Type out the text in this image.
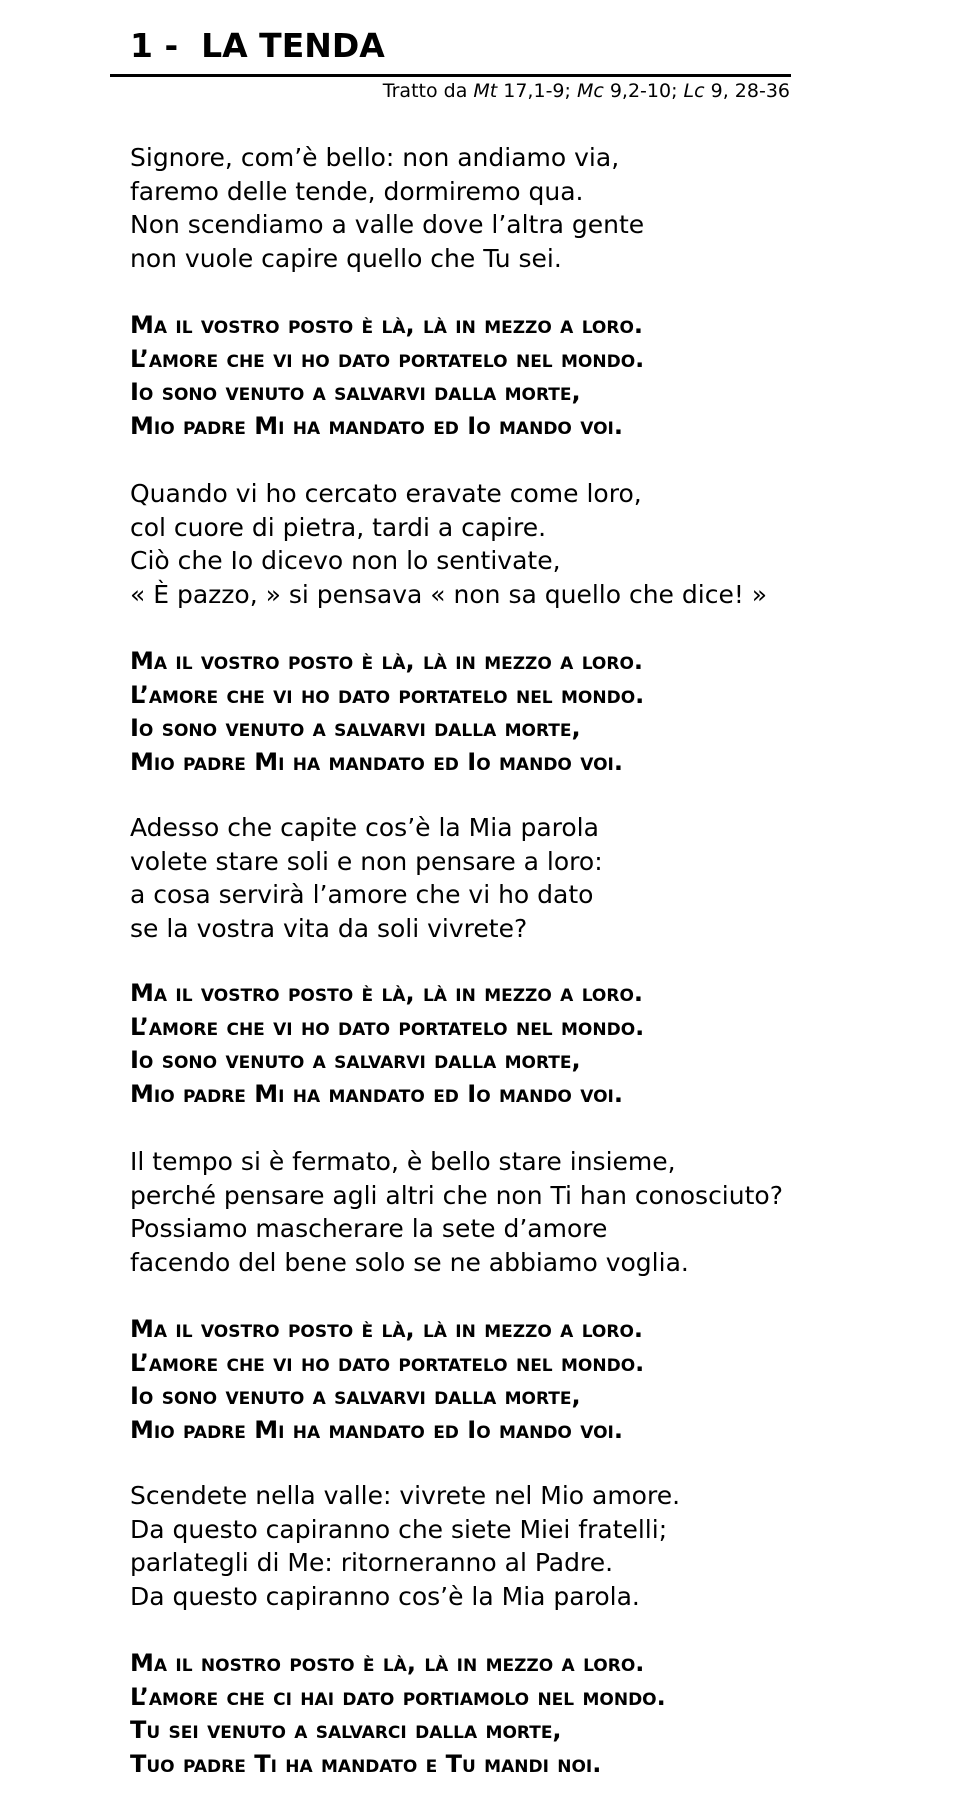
1 -  LA TENDA
Tratto da Mt 17,1-9; Mc 9,2-10; Lc 9, 28-36
Signore, com’è bello: non andiamo via,
faremo delle tende, dormiremo qua.
Non scendiamo a valle dove l’altra gente
non vuole capire quello che Tu sei.
Ma il vostro posto è là, là in mezzo a loro.
L’amore che vi ho dato portatelo nel mondo.
Io sono venuto a salvarvi dalla morte,
Mio padre Mi ha mandato ed Io mando voi.
Quando vi ho cercato eravate come loro,
col cuore di pietra, tardi a capire.
Ciò che Io dicevo non lo sentivate,
« È pazzo, » si pensava « non sa quello che dice! »
Ma il vostro posto è là, là in mezzo a loro.
L’amore che vi ho dato portatelo nel mondo.
Io sono venuto a salvarvi dalla morte,
Mio padre Mi ha mandato ed Io mando voi.
Adesso che capite cos’è la Mia parola
volete stare soli e non pensare a loro:
a cosa servirà l’amore che vi ho dato
se la vostra vita da soli vivrete?
Ma il vostro posto è là, là in mezzo a loro.
L’amore che vi ho dato portatelo nel mondo.
Io sono venuto a salvarvi dalla morte,
Mio padre Mi ha mandato ed Io mando voi.
Il tempo si è fermato, è bello stare insieme,
perché pensare agli altri che non Ti han conosciuto?
Possiamo mascherare la sete d’amore
facendo del bene solo se ne abbiamo voglia.
Ma il vostro posto è là, là in mezzo a loro.
L’amore che vi ho dato portatelo nel mondo.
Io sono venuto a salvarvi dalla morte,
Mio padre Mi ha mandato ed Io mando voi.
Scendete nella valle: vivrete nel Mio amore.
Da questo capiranno che siete Miei fratelli;
parlategli di Me: ritorneranno al Padre.
Da questo capiranno cos’è la Mia parola.
Ma il nostro posto è là, là in mezzo a loro.
L’amore che ci hai dato portiamolo nel mondo.
Tu sei venuto a salvarci dalla morte,
Tuo padre Ti ha mandato e Tu mandi noi.
